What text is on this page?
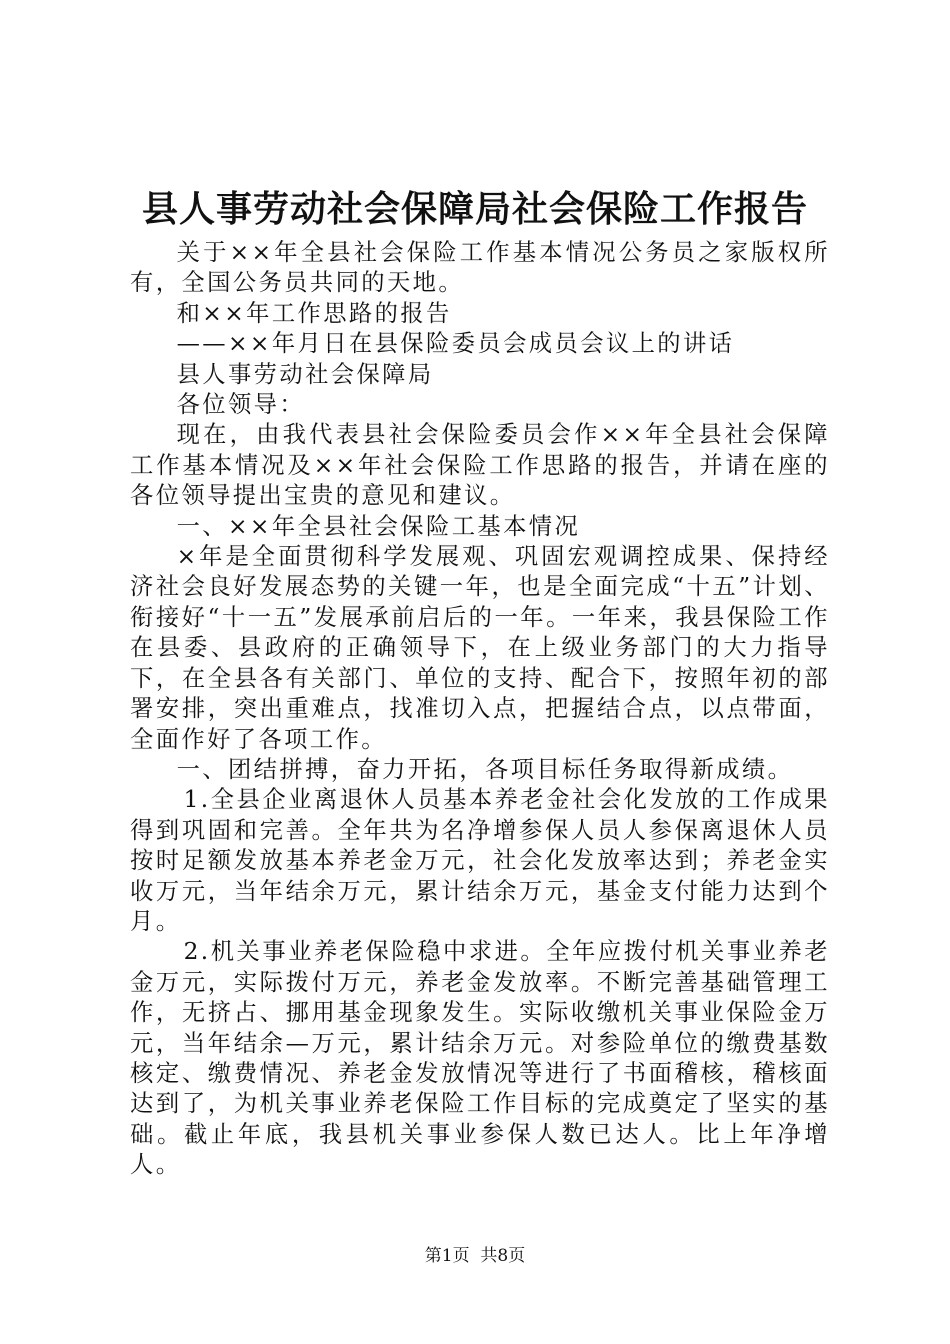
县人事劳动社会保障局社会保险工作报告

关于××年全县社会保险工作基本情况公务员之家版权所有，全国公务员共同的天地。

和××年工作思路的报告

——××年月日在县保险委员会成员会议上的讲话

县人事劳动社会保障局

各位领导：

现在，由我代表县社会保险委员会作××年全县社会保障工作基本情况及××年社会保险工作思路的报告，并请在座的各位领导提出宝贵的意见和建议。

一、××年全县社会保险工基本情况

×年是全面贯彻科学发展观、巩固宏观调控成果、保持经济社会良好发展态势的关键一年，也是全面完成“十五”计划、衔接好“十一五”发展承前启后的一年。一年来，我县保险工作在县委、县政府的正确领导下，在上级业务部门的大力指导下，在全县各有关部门、单位的支持、配合下，按照年初的部署安排，突出重难点，找准切入点，把握结合点，以点带面，全面作好了各项工作。

一、团结拼搏，奋力开拓，各项目标任务取得新成绩。

1.全县企业离退休人员基本养老金社会化发放的工作成果得到巩固和完善。全年共为名净增参保人员人参保离退休人员按时足额发放基本养老金万元，社会化发放率达到；养老金实收万元，当年结余万元，累计结余万元，基金支付能力达到个月。

2.机关事业养老保险稳中求进。全年应拨付机关事业养老金万元，实际拨付万元，养老金发放率。不断完善基础管理工作，无挤占、挪用基金现象发生。实际收缴机关事业保险金万元，当年结余—万元，累计结余万元。对参险单位的缴费基数核定、缴费情况、养老金发放情况等进行了书面稽核，稽核面达到了，为机关事业养老保险工作目标的完成奠定了坚实的基础。截止年底，我县机关事业参保人数已达人。比上年净增人。

第1页  共8页
